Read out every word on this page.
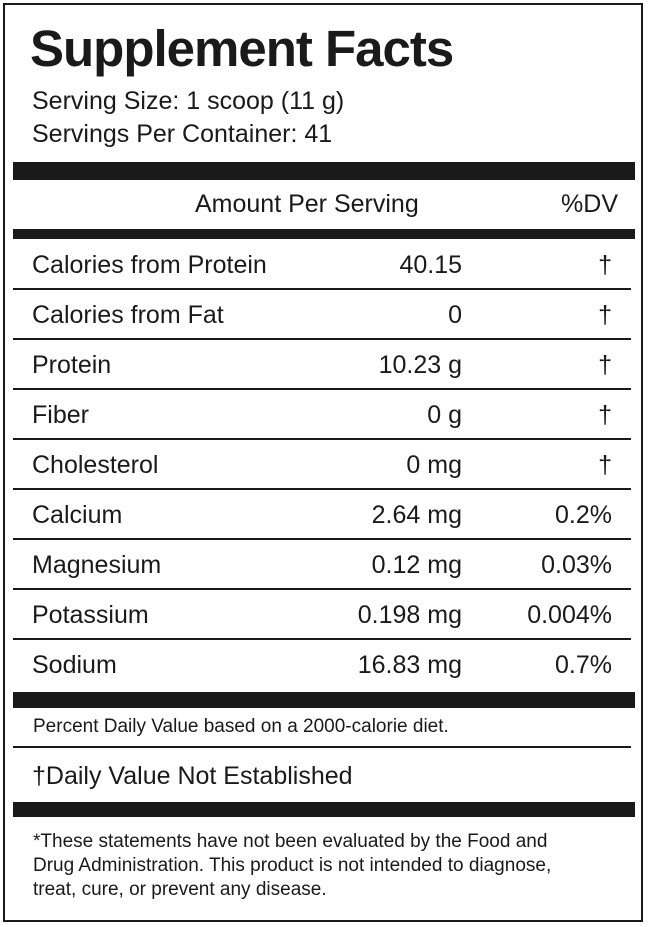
Supplement Facts
Serving Size: 1 scoop (11 g)
Servings Per Container: 41
Amount Per Serving	%DV
Calories from Protein	40.15	†
Calories from Fat	0	†
Protein	10.23 g	†
Fiber	0 g	†
Cholesterol	0 mg	†
Calcium	2.64 mg	0.2%
Magnesium	0.12 mg	0.03%
Potassium	0.198 mg	0.004%
Sodium	16.83 mg	0.7%
Percent Daily Value based on a 2000-calorie diet.
†Daily Value Not Established
*These statements have not been evaluated by the Food and
Drug Administration. This product is not intended to diagnose,
treat, cure, or prevent any disease.
